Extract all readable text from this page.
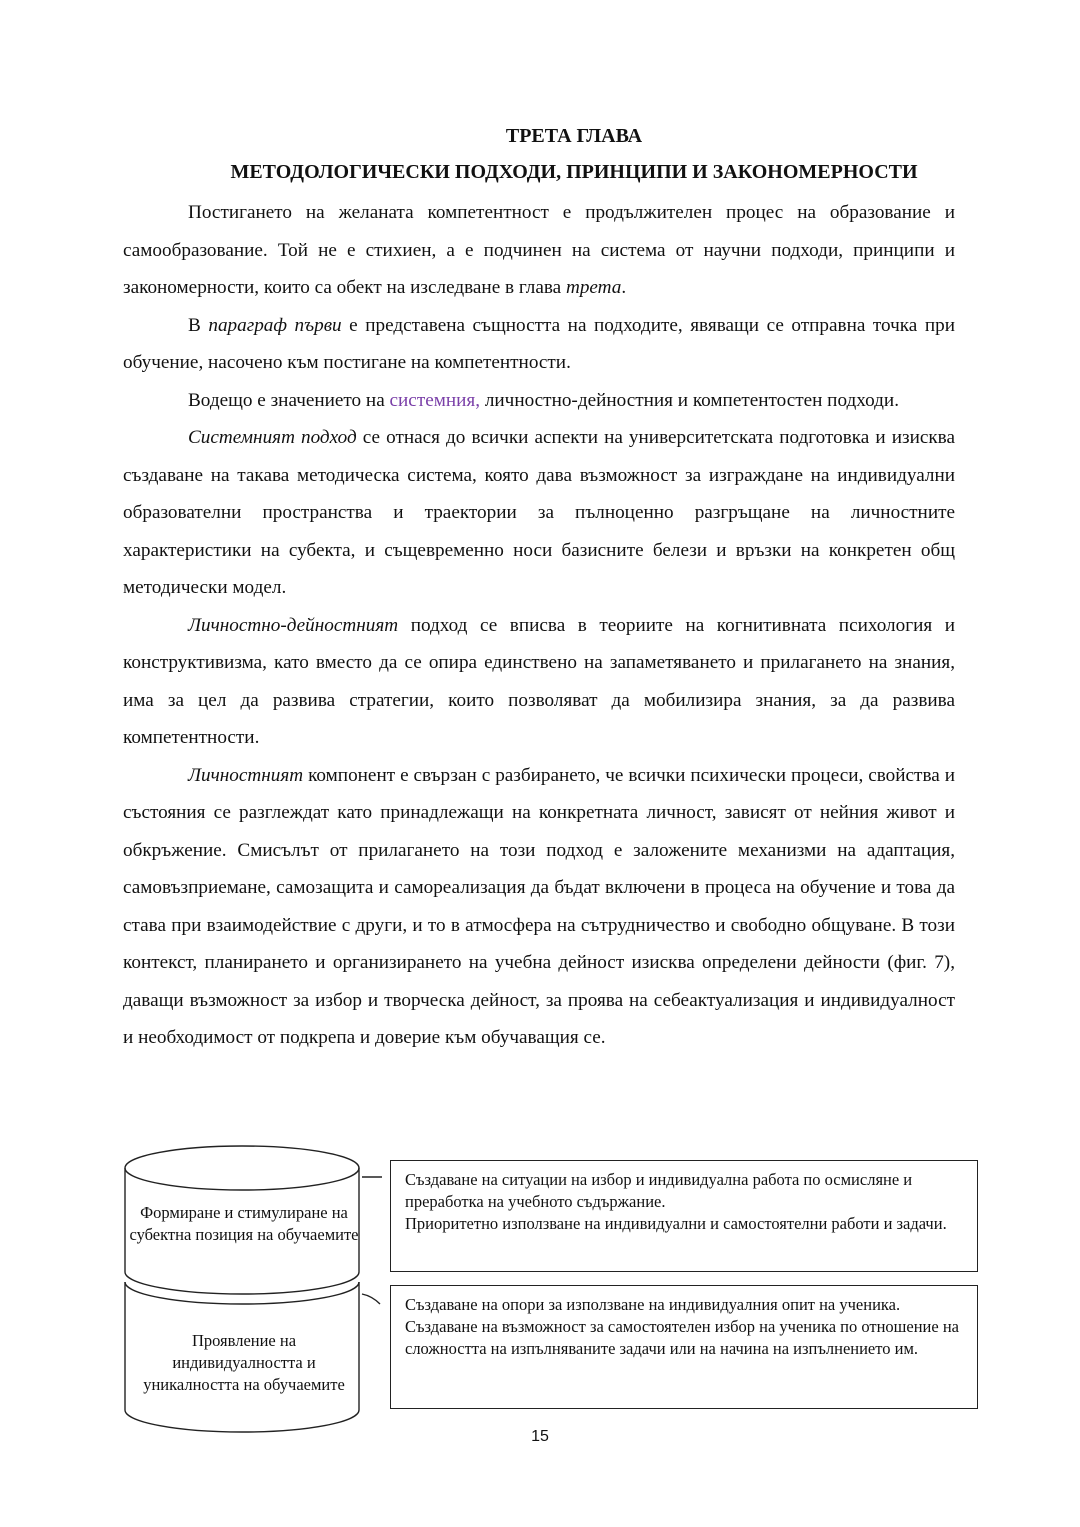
ТРЕТА ГЛАВА
МЕТОДОЛОГИЧЕСКИ ПОДХОДИ, ПРИНЦИПИ И ЗАКОНОМЕРНОСТИ

Постигането на желаната компетентност е продължителен процес на образование и самообразование. Той не е стихиен, а е подчинен на система от научни подходи, принципи и закономерности, които са обект на изследване в глава трета.

В параграф първи е представена същността на подходите, явяващи се отправна точка при обучение, насочено към постигане на компетентности.

Водещо е значението на системния, личностно-дейностния и компетентостен подходи.

Системният подход се отнася до всички аспекти на университетската подготовка и изисква създаване на такава методическа система, която дава възможност за изграждане на индивидуални образователни пространства и траектории за пълноценно разгръщане на личностните характеристики на субекта, и същевременно носи базисните белези и връзки на конкретен общ методически модел.

Личностно-дейностният подход се вписва в теориите на когнитивната психология и конструктивизма, като вместо да се опира единствено на запаметяването и прилагането на знания, има за цел да развива стратегии, които позволяват да мобилизира знания, за да развива компетентности.

Личностният компонент е свързан с разбирането, че всички психически процеси, свойства и състояния се разглеждат като принадлежащи на конкретната личност, зависят от нейния живот и обкръжение. Смисълът от прилагането на този подход е заложените механизми на адаптация, самовъзприемане, самозащита и самореализация да бъдат включени в процеса на обучение и това да става при взаимодействие с други, и то в атмосфера на сътрудничество и свободно общуване. В този контекст, планирането и организирането на учебна дейност изисква определени дейности (фиг. 7), даващи възможност за избор и творческа дейност, за проява на себеактуализация и индивидуалност и необходимост от подкрепа и доверие към обучаващия се.

Формиране и стимулиране на субектна позиция на обучаемите

Проявление на индивидуалността и уникалността на обучаемите

Създаване на ситуации на избор и индивидуална работа по осмисляне и преработка на учебното съдържание.

Приоритетно използване на индивидуални и самостоятелни работи и задачи.

Създаване на опори за използване на индивидуалния опит на ученика.

Създаване на възможност за самостоятелен избор на ученика по отношение на сложността на изпълняваните задачи или на начина на изпълнението им.

15
